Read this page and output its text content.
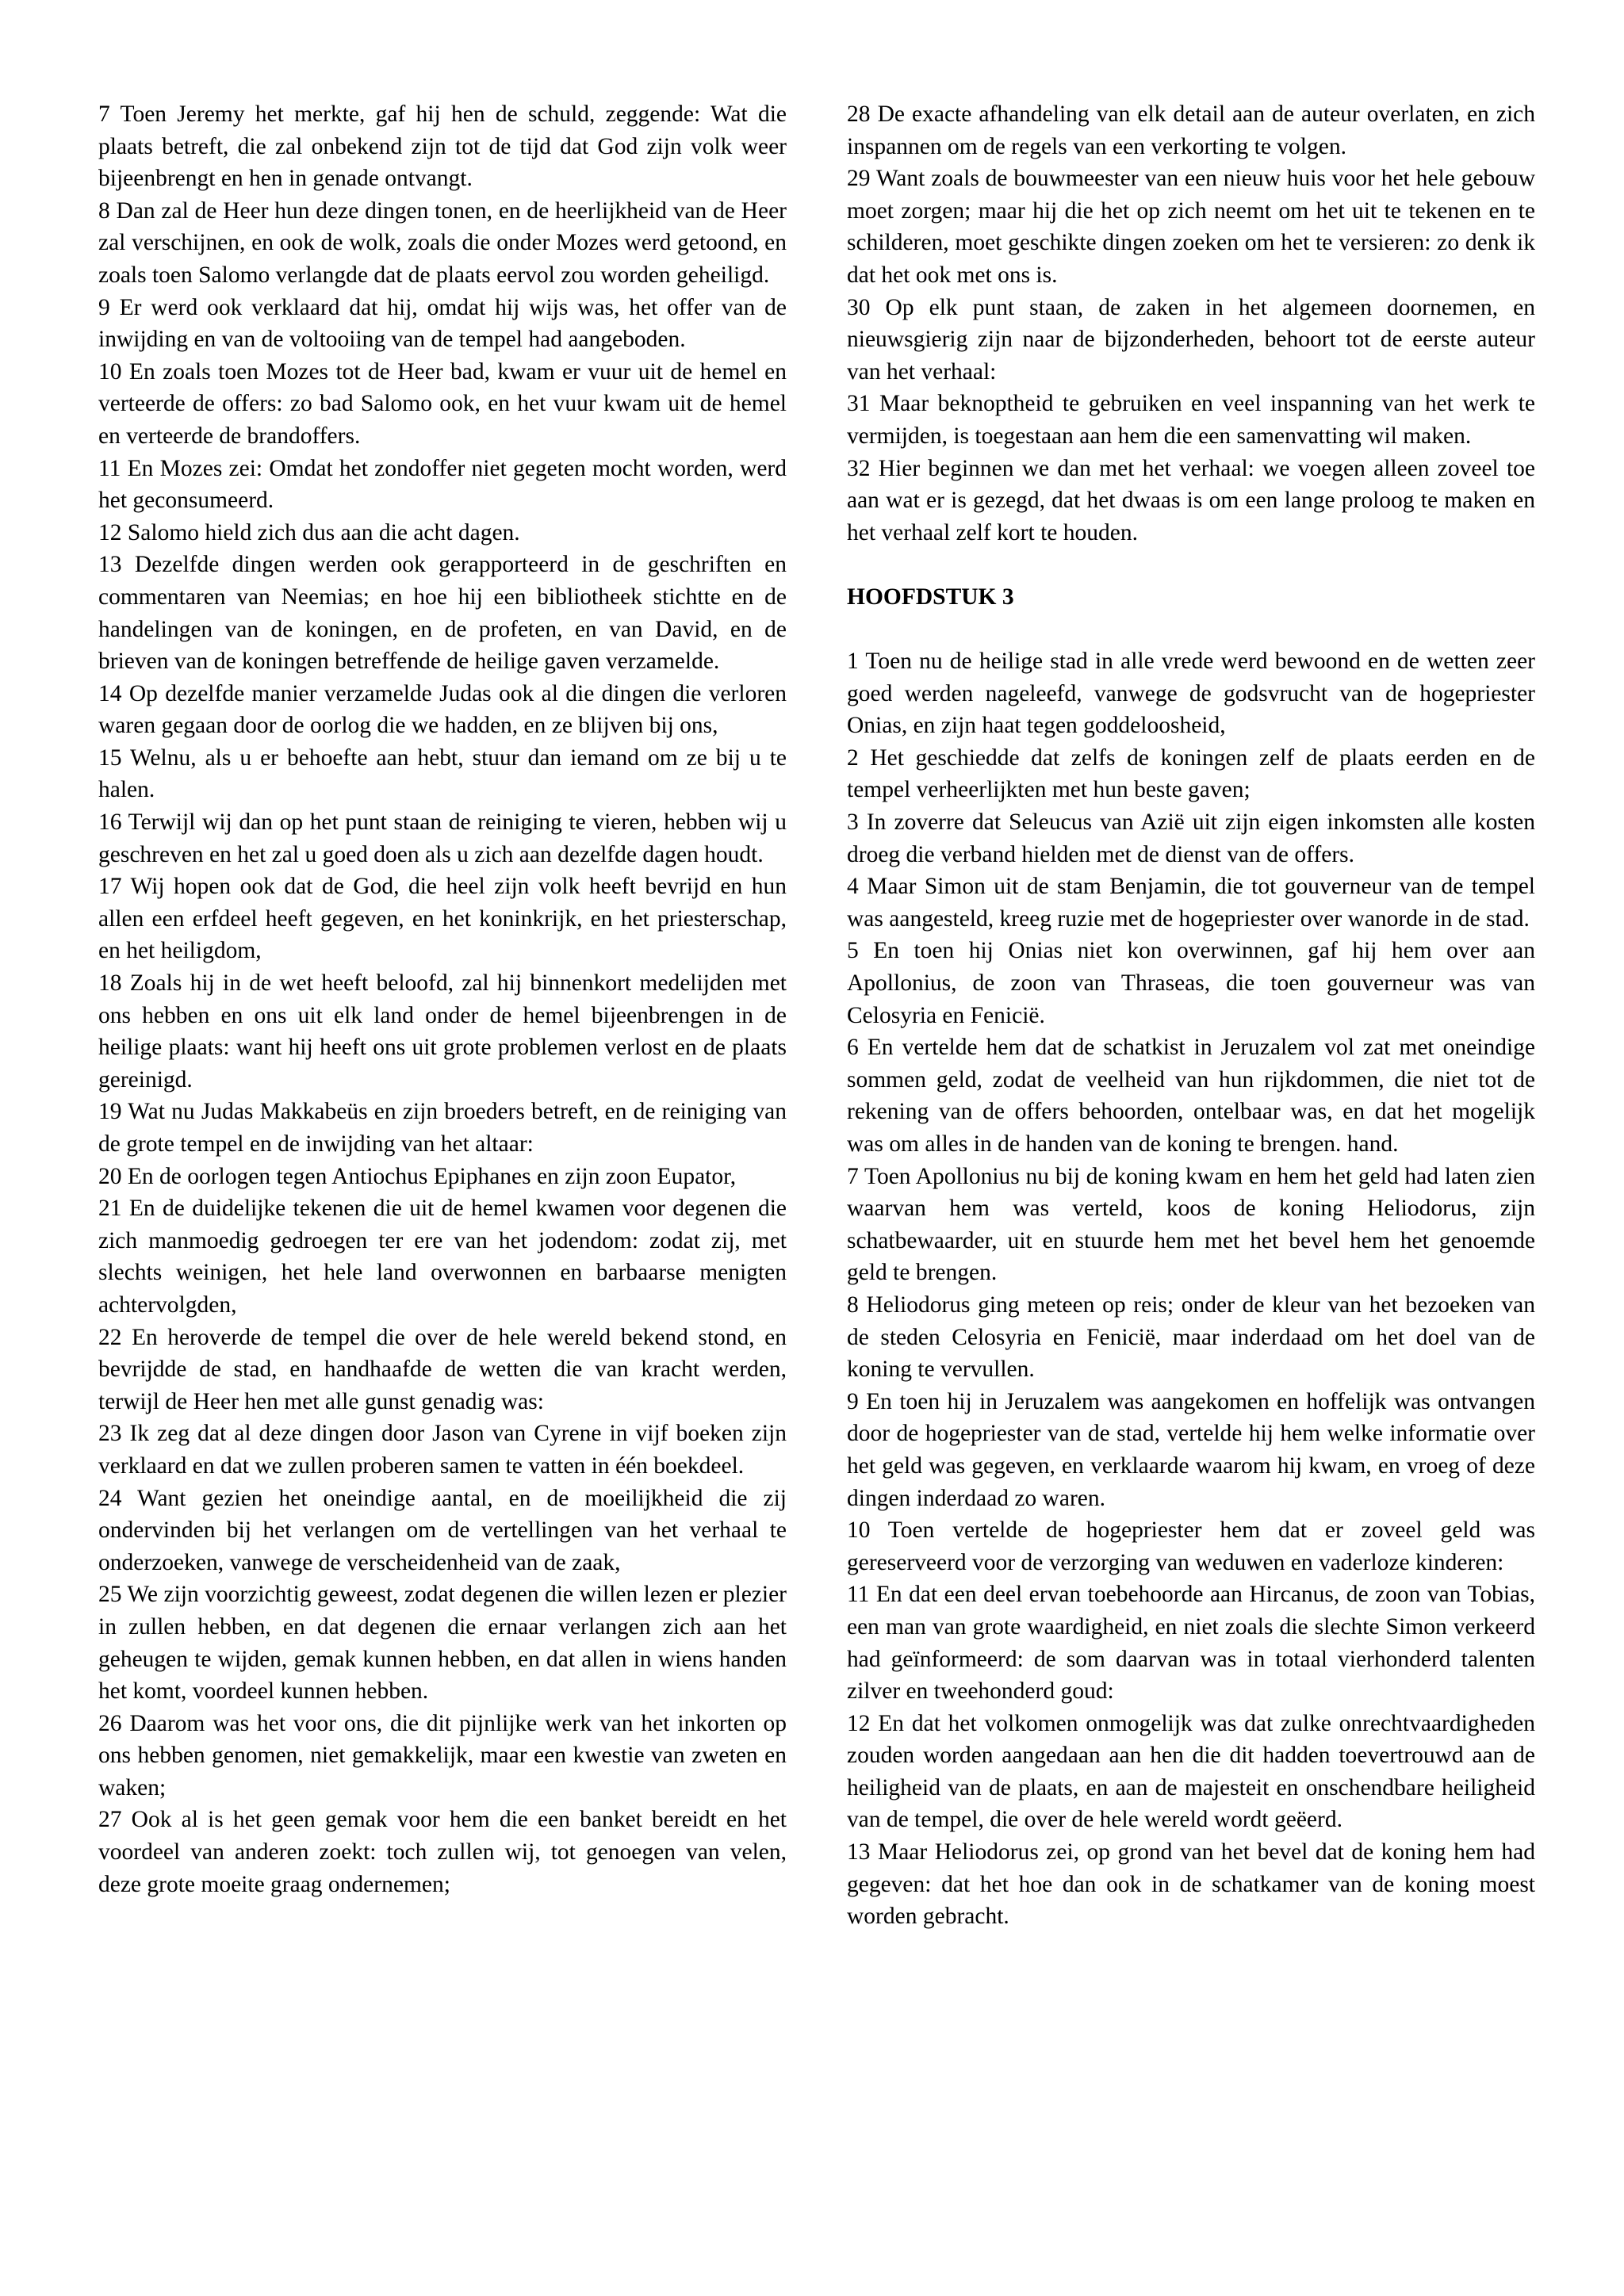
7 Toen Jeremy het merkte, gaf hij hen de schuld, zeggende: Wat die plaats betreft, die zal onbekend zijn tot de tijd dat God zijn volk weer bijeenbrengt en hen in genade ontvangt.

8 Dan zal de Heer hun deze dingen tonen, en de heerlijkheid van de Heer zal verschijnen, en ook de wolk, zoals die onder Mozes werd getoond, en zoals toen Salomo verlangde dat de plaats eervol zou worden geheiligd.

9 Er werd ook verklaard dat hij, omdat hij wijs was, het offer van de inwijding en van de voltooiing van de tempel had aangeboden.

10 En zoals toen Mozes tot de Heer bad, kwam er vuur uit de hemel en verteerde de offers: zo bad Salomo ook, en het vuur kwam uit de hemel en verteerde de brandoffers.

11 En Mozes zei: Omdat het zondoffer niet gegeten mocht worden, werd het geconsumeerd.

12 Salomo hield zich dus aan die acht dagen.

13 Dezelfde dingen werden ook gerapporteerd in de geschriften en commentaren van Neemias; en hoe hij een bibliotheek stichtte en de handelingen van de koningen, en de profeten, en van David, en de brieven van de koningen betreffende de heilige gaven verzamelde.

14 Op dezelfde manier verzamelde Judas ook al die dingen die verloren waren gegaan door de oorlog die we hadden, en ze blijven bij ons,

15 Welnu, als u er behoefte aan hebt, stuur dan iemand om ze bij u te halen.

16 Terwijl wij dan op het punt staan de reiniging te vieren, hebben wij u geschreven en het zal u goed doen als u zich aan dezelfde dagen houdt.

17 Wij hopen ook dat de God, die heel zijn volk heeft bevrijd en hun allen een erfdeel heeft gegeven, en het koninkrijk, en het priesterschap, en het heiligdom,

18 Zoals hij in de wet heeft beloofd, zal hij binnenkort medelijden met ons hebben en ons uit elk land onder de hemel bijeenbrengen in de heilige plaats: want hij heeft ons uit grote problemen verlost en de plaats gereinigd.

19 Wat nu Judas Makkabeüs en zijn broeders betreft, en de reiniging van de grote tempel en de inwijding van het altaar:

20 En de oorlogen tegen Antiochus Epiphanes en zijn zoon Eupator,

21 En de duidelijke tekenen die uit de hemel kwamen voor degenen die zich manmoedig gedroegen ter ere van het jodendom: zodat zij, met slechts weinigen, het hele land overwonnen en barbaarse menigten achtervolgden,

22 En heroverde de tempel die over de hele wereld bekend stond, en bevrijdde de stad, en handhaafde de wetten die van kracht werden, terwijl de Heer hen met alle gunst genadig was:

23 Ik zeg dat al deze dingen door Jason van Cyrene in vijf boeken zijn verklaard en dat we zullen proberen samen te vatten in één boekdeel.

24 Want gezien het oneindige aantal, en de moeilijkheid die zij ondervinden bij het verlangen om de vertellingen van het verhaal te onderzoeken, vanwege de verscheidenheid van de zaak,

25 We zijn voorzichtig geweest, zodat degenen die willen lezen er plezier in zullen hebben, en dat degenen die ernaar verlangen zich aan het geheugen te wijden, gemak kunnen hebben, en dat allen in wiens handen het komt, voordeel kunnen hebben.

26 Daarom was het voor ons, die dit pijnlijke werk van het inkorten op ons hebben genomen, niet gemakkelijk, maar een kwestie van zweten en waken;

27 Ook al is het geen gemak voor hem die een banket bereidt en het voordeel van anderen zoekt: toch zullen wij, tot genoegen van velen, deze grote moeite graag ondernemen;

28 De exacte afhandeling van elk detail aan de auteur overlaten, en zich inspannen om de regels van een verkorting te volgen.

29 Want zoals de bouwmeester van een nieuw huis voor het hele gebouw moet zorgen; maar hij die het op zich neemt om het uit te tekenen en te schilderen, moet geschikte dingen zoeken om het te versieren: zo denk ik dat het ook met ons is.

30 Op elk punt staan, de zaken in het algemeen doornemen, en nieuwsgierig zijn naar de bijzonderheden, behoort tot de eerste auteur van het verhaal:

31 Maar beknoptheid te gebruiken en veel inspanning van het werk te vermijden, is toegestaan aan hem die een samenvatting wil maken.

32 Hier beginnen we dan met het verhaal: we voegen alleen zoveel toe aan wat er is gezegd, dat het dwaas is om een lange proloog te maken en het verhaal zelf kort te houden.

HOOFDSTUK 3

1 Toen nu de heilige stad in alle vrede werd bewoond en de wetten zeer goed werden nageleefd, vanwege de godsvrucht van de hogepriester Onias, en zijn haat tegen goddeloosheid,

2 Het geschiedde dat zelfs de koningen zelf de plaats eerden en de tempel verheerlijkten met hun beste gaven;

3 In zoverre dat Seleucus van Azië uit zijn eigen inkomsten alle kosten droeg die verband hielden met de dienst van de offers.

4 Maar Simon uit de stam Benjamin, die tot gouverneur van de tempel was aangesteld, kreeg ruzie met de hogepriester over wanorde in de stad.

5 En toen hij Onias niet kon overwinnen, gaf hij hem over aan Apollonius, de zoon van Thraseas, die toen gouverneur was van Celosyria en Fenicië.

6 En vertelde hem dat de schatkist in Jeruzalem vol zat met oneindige sommen geld, zodat de veelheid van hun rijkdommen, die niet tot de rekening van de offers behoorden, ontelbaar was, en dat het mogelijk was om alles in de handen van de koning te brengen. hand.

7 Toen Apollonius nu bij de koning kwam en hem het geld had laten zien waarvan hem was verteld, koos de koning Heliodorus, zijn schatbewaarder, uit en stuurde hem met het bevel hem het genoemde geld te brengen.

8 Heliodorus ging meteen op reis; onder de kleur van het bezoeken van de steden Celosyria en Fenicië, maar inderdaad om het doel van de koning te vervullen.

9 En toen hij in Jeruzalem was aangekomen en hoffelijk was ontvangen door de hogepriester van de stad, vertelde hij hem welke informatie over het geld was gegeven, en verklaarde waarom hij kwam, en vroeg of deze dingen inderdaad zo waren.

10 Toen vertelde de hogepriester hem dat er zoveel geld was gereserveerd voor de verzorging van weduwen en vaderloze kinderen:

11 En dat een deel ervan toebehoorde aan Hircanus, de zoon van Tobias, een man van grote waardigheid, en niet zoals die slechte Simon verkeerd had geïnformeerd: de som daarvan was in totaal vierhonderd talenten zilver en tweehonderd goud:

12 En dat het volkomen onmogelijk was dat zulke onrechtvaardigheden zouden worden aangedaan aan hen die dit hadden toevertrouwd aan de heiligheid van de plaats, en aan de majesteit en onschendbare heiligheid van de tempel, die over de hele wereld wordt geëerd.

13 Maar Heliodorus zei, op grond van het bevel dat de koning hem had gegeven: dat het hoe dan ook in de schatkamer van de koning moest worden gebracht.
